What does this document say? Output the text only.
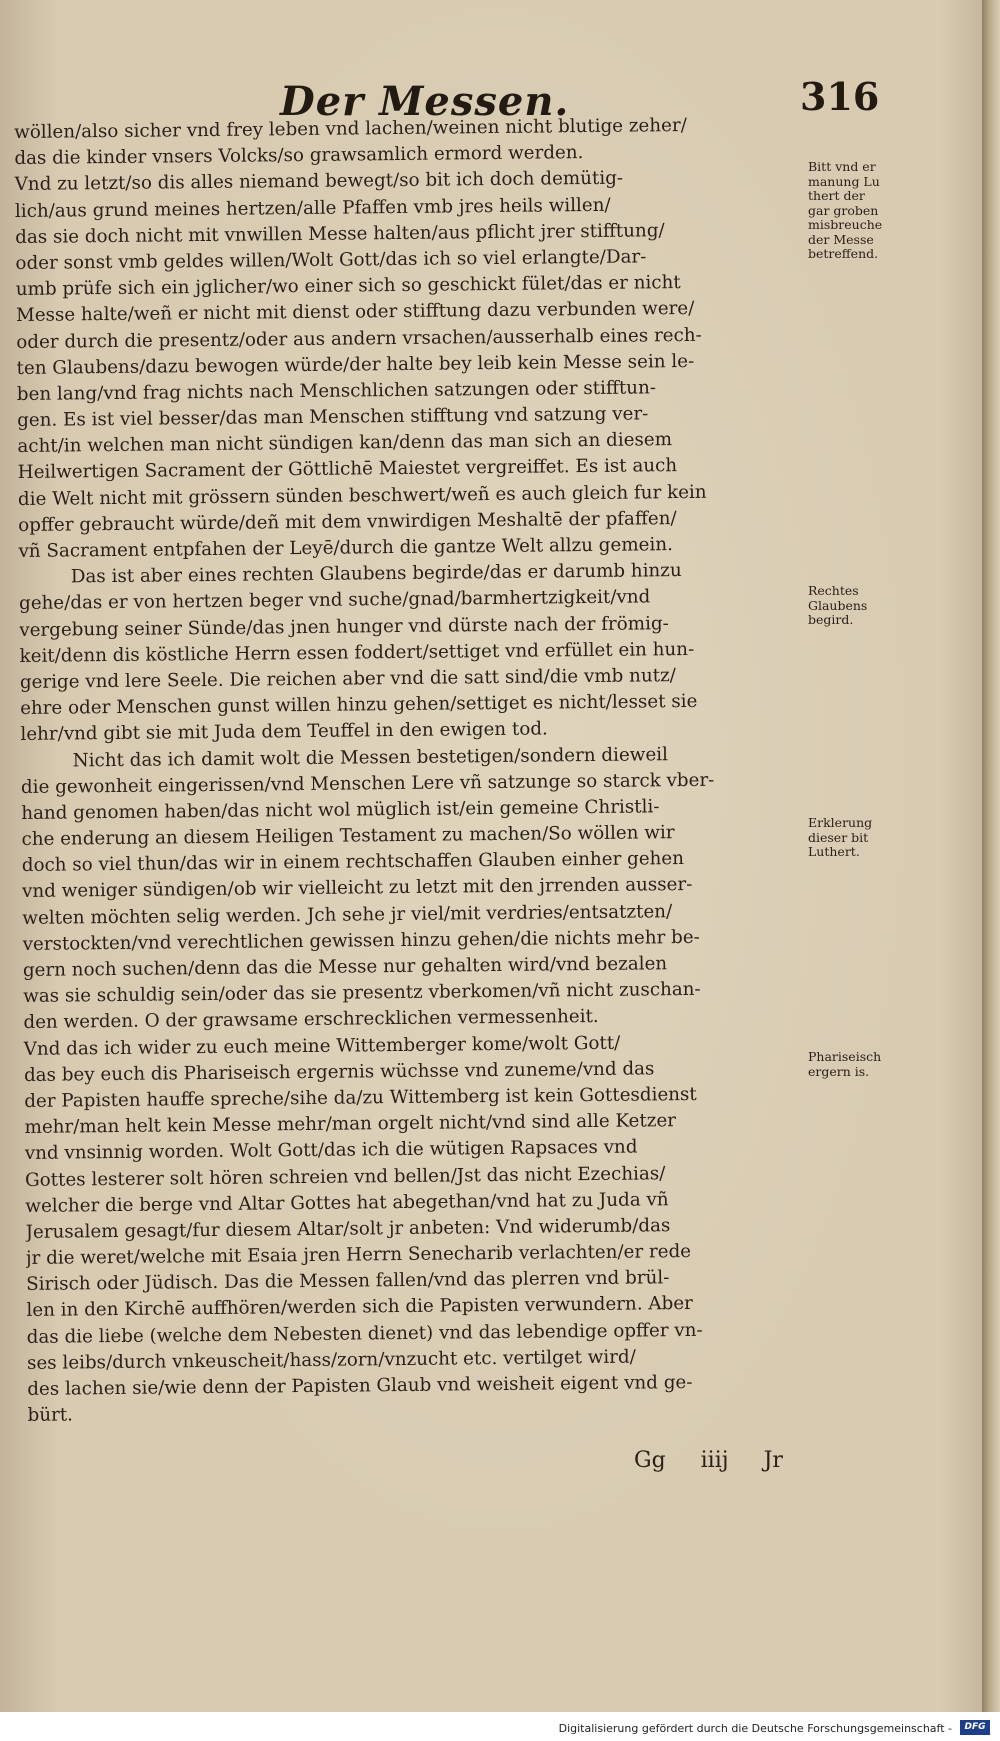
Der Messen.	316
wöllen/also sicher vnd frey leben vnd lachen/weinen nicht blutige zeher/
das die kinder vnsers Volcks/so grawsamlich ermord werden.
Vnd zu letzt/so dis alles niemand bewegt/so bit ich doch demütig-
lich/aus grund meines hertzen/alle Pfaffen vmb jres heils willen/
das sie doch nicht mit vnwillen Messe halten/aus pflicht jrer stifftung/
oder sonst vmb geldes willen/Wolt Gott/das ich so viel erlangte/Dar-
umb prüfe sich ein jglicher/wo einer sich so geschickt fület/das er nicht
Messe halte/weñ er nicht mit dienst oder stifftung dazu verbunden were/
oder durch die presentz/oder aus andern vrsachen/ausserhalb eines rech-
ten Glaubens/dazu bewogen würde/der halte bey leib kein Messe sein le-
ben lang/vnd frag nichts nach Menschlichen satzungen oder stifftun-
gen. Es ist viel besser/das man Menschen stifftung vnd satzung ver-
acht/in welchen man nicht sündigen kan/denn das man sich an diesem
Heilwertigen Sacrament der Göttlichē Maiestet vergreiffet. Es ist auch
die Welt nicht mit grössern sünden beschwert/weñ es auch gleich fur kein
opffer gebraucht würde/deñ mit dem vnwirdigen Meshaltē der pfaffen/
vñ Sacrament entpfahen der Leyē/durch die gantze Welt allzu gemein.
Das ist aber eines rechten Glaubens begirde/das er darumb hinzu
gehe/das er von hertzen beger vnd suche/gnad/barmhertzigkeit/vnd
vergebung seiner Sünde/das jnen hunger vnd dürste nach der frömig-
keit/denn dis köstliche Herrn essen foddert/settiget vnd erfüllet ein hun-
gerige vnd lere Seele. Die reichen aber vnd die satt sind/die vmb nutz/
ehre oder Menschen gunst willen hinzu gehen/settiget es nicht/lesset sie
lehr/vnd gibt sie mit Juda dem Teuffel in den ewigen tod.
Nicht das ich damit wolt die Messen bestetigen/sondern dieweil
die gewonheit eingerissen/vnd Menschen Lere vñ satzunge so starck vber-
hand genomen haben/das nicht wol müglich ist/ein gemeine Christli-
che enderung an diesem Heiligen Testament zu machen/So wöllen wir
doch so viel thun/das wir in einem rechtschaffen Glauben einher gehen
vnd weniger sündigen/ob wir vielleicht zu letzt mit den jrrenden ausser-
welten möchten selig werden. Jch sehe jr viel/mit verdries/entsatzten/
verstockten/vnd verechtlichen gewissen hinzu gehen/die nichts mehr be-
gern noch suchen/denn das die Messe nur gehalten wird/vnd bezalen
was sie schuldig sein/oder das sie presentz vberkomen/vñ nicht zuschan-
den werden. O der grawsame erschrecklichen vermessenheit.
Vnd das ich wider zu euch meine Wittemberger kome/wolt Gott/
das bey euch dis Phariseisch ergernis wüchsse vnd zuneme/vnd das
der Papisten hauffe spreche/sihe da/zu Wittemberg ist kein Gottesdienst
mehr/man helt kein Messe mehr/man orgelt nicht/vnd sind alle Ketzer
vnd vnsinnig worden. Wolt Gott/das ich die wütigen Rapsaces vnd
Gottes lesterer solt hören schreien vnd bellen/Jst das nicht Ezechias/
welcher die berge vnd Altar Gottes hat abegethan/vnd hat zu Juda vñ
Jerusalem gesagt/fur diesem Altar/solt jr anbeten: Vnd widerumb/das
jr die weret/welche mit Esaia jren Herrn Senecharib verlachten/er rede
Sirisch oder Jüdisch. Das die Messen fallen/vnd das plerren vnd brül-
len in den Kirchē auffhören/werden sich die Papisten verwundern. Aber
das die liebe (welche dem Nebesten dienet) vnd das lebendige opffer vn-
ses leibs/durch vnkeuscheit/hass/zorn/vnzucht etc. vertilget wird/
des lachen sie/wie denn der Papisten Glaub vnd weisheit eigent vnd ge-
bürt.
Bitt vnd er
manung Lu
thert der
gar groben
misbreuche
der Messe
betreffend.
Rechtes
Glaubens
begird.
Erklerung
dieser bit
Luthert.
Phariseisch
ergern is.
Gg iiij Jr
Digitalisierung gefördert durch die Deutsche Forschungsgemeinschaft -	DFG
